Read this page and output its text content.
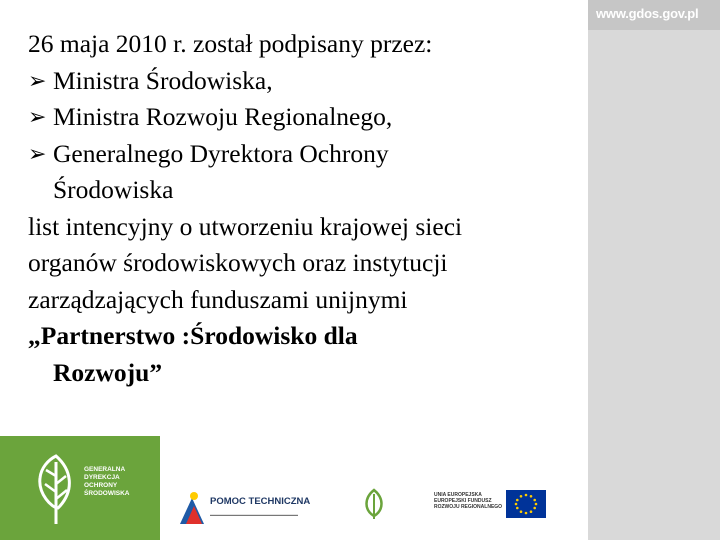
www.gdos.gov.pl
26 maja 2010 r. został podpisany przez:
➢ Ministra Środowiska,
➢ Ministra Rozwoju Regionalnego,
➢ Generalnego Dyrektora Ochrony
Środowiska
list intencyjny o utworzeniu krajowej sieci
organów środowiskowych oraz instytucji
zarządzających funduszami unijnymi
„Partnerstwo :Środowisko dla
Rozwoju”
GENERALNA
DYREKCJA
OCHRONY
ŚRODOWISKA
POMOC TECHNICZNA
▬▬▬▬▬▬▬▬▬▬▬▬▬▬▬▬▬▬▬▬▬▬
UNIA EUROPEJSKA
EUROPEJSKI FUNDUSZ
ROZWOJU REGIONALNEGO
